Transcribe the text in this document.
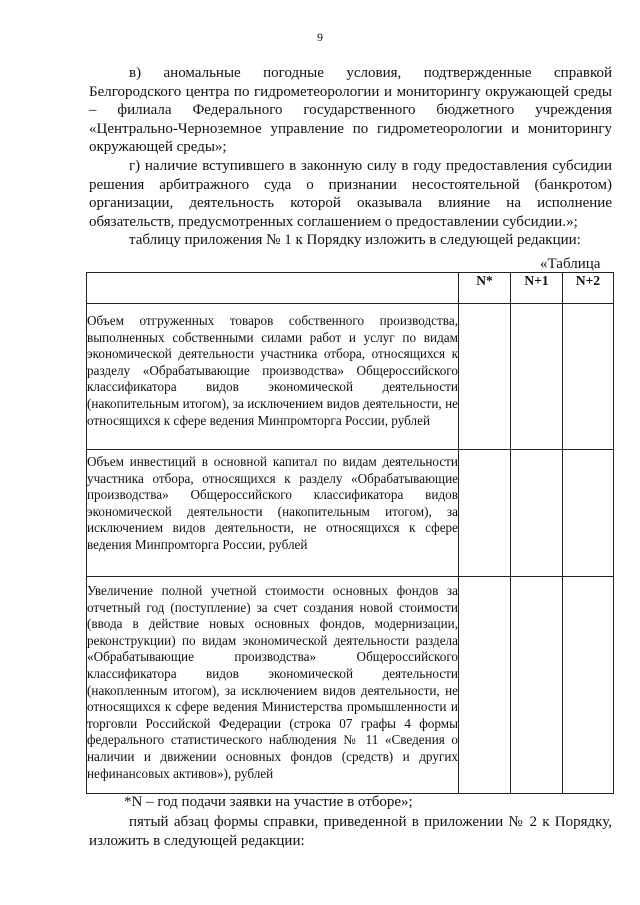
9

в) аномальные погодные условия, подтвержденные справкой Белгородского центра по гидрометеорологии и мониторингу окружающей среды – филиала Федерального государственного бюджетного учреждения «Центрально-Черноземное управление по гидрометеорологии и мониторингу окружающей среды»;

г) наличие вступившего в законную силу в году предоставления субсидии решения арбитражного суда о признании несостоятельной (банкротом) организации, деятельность которой оказывала влияние на исполнение обязательств, предусмотренных соглашением о предоставлении субсидии.»;

таблицу приложения № 1 к Порядку изложить в следующей редакции:

«Таблица
	N*	N+1	N+2
Объем отгруженных товаров собственного производства, выполненных собственными силами работ и услуг по видам экономической деятельности участника отбора, относящихся к разделу «Обрабатывающие производства» Общероссийского классификатора видов экономической деятельности (накопительным итогом), за исключением видов деятельности, не относящихся к сфере ведения Минпромторга России, рублей			
Объем инвестиций в основной капитал по видам деятельности участника отбора, относящихся к разделу «Обрабатывающие производства» Общероссийского классификатора видов экономической деятельности (накопительным итогом), за исключением видов деятельности, не относящихся к сфере ведения Минпромторга России, рублей			
Увеличение полной учетной стоимости основных фондов за отчетный год (поступление) за счет создания новой стоимости (ввода в действие новых основных фондов, модернизации, реконструкции) по видам экономической деятельности раздела «Обрабатывающие производства» Общероссийского классификатора видов экономической деятельности (накопленным итогом), за исключением видов деятельности, не относящихся к сфере ведения Министерства промышленности и торговли Российской Федерации (строка 07 графы 4 формы федерального статистического наблюдения № 11 «Сведения о наличии и движении основных фондов (средств) и других нефинансовых активов»), рублей			
*N – год подачи заявки на участие в отборе»;

пятый абзац формы справки, приведенной в приложении № 2 к Порядку, изложить в следующей редакции:
